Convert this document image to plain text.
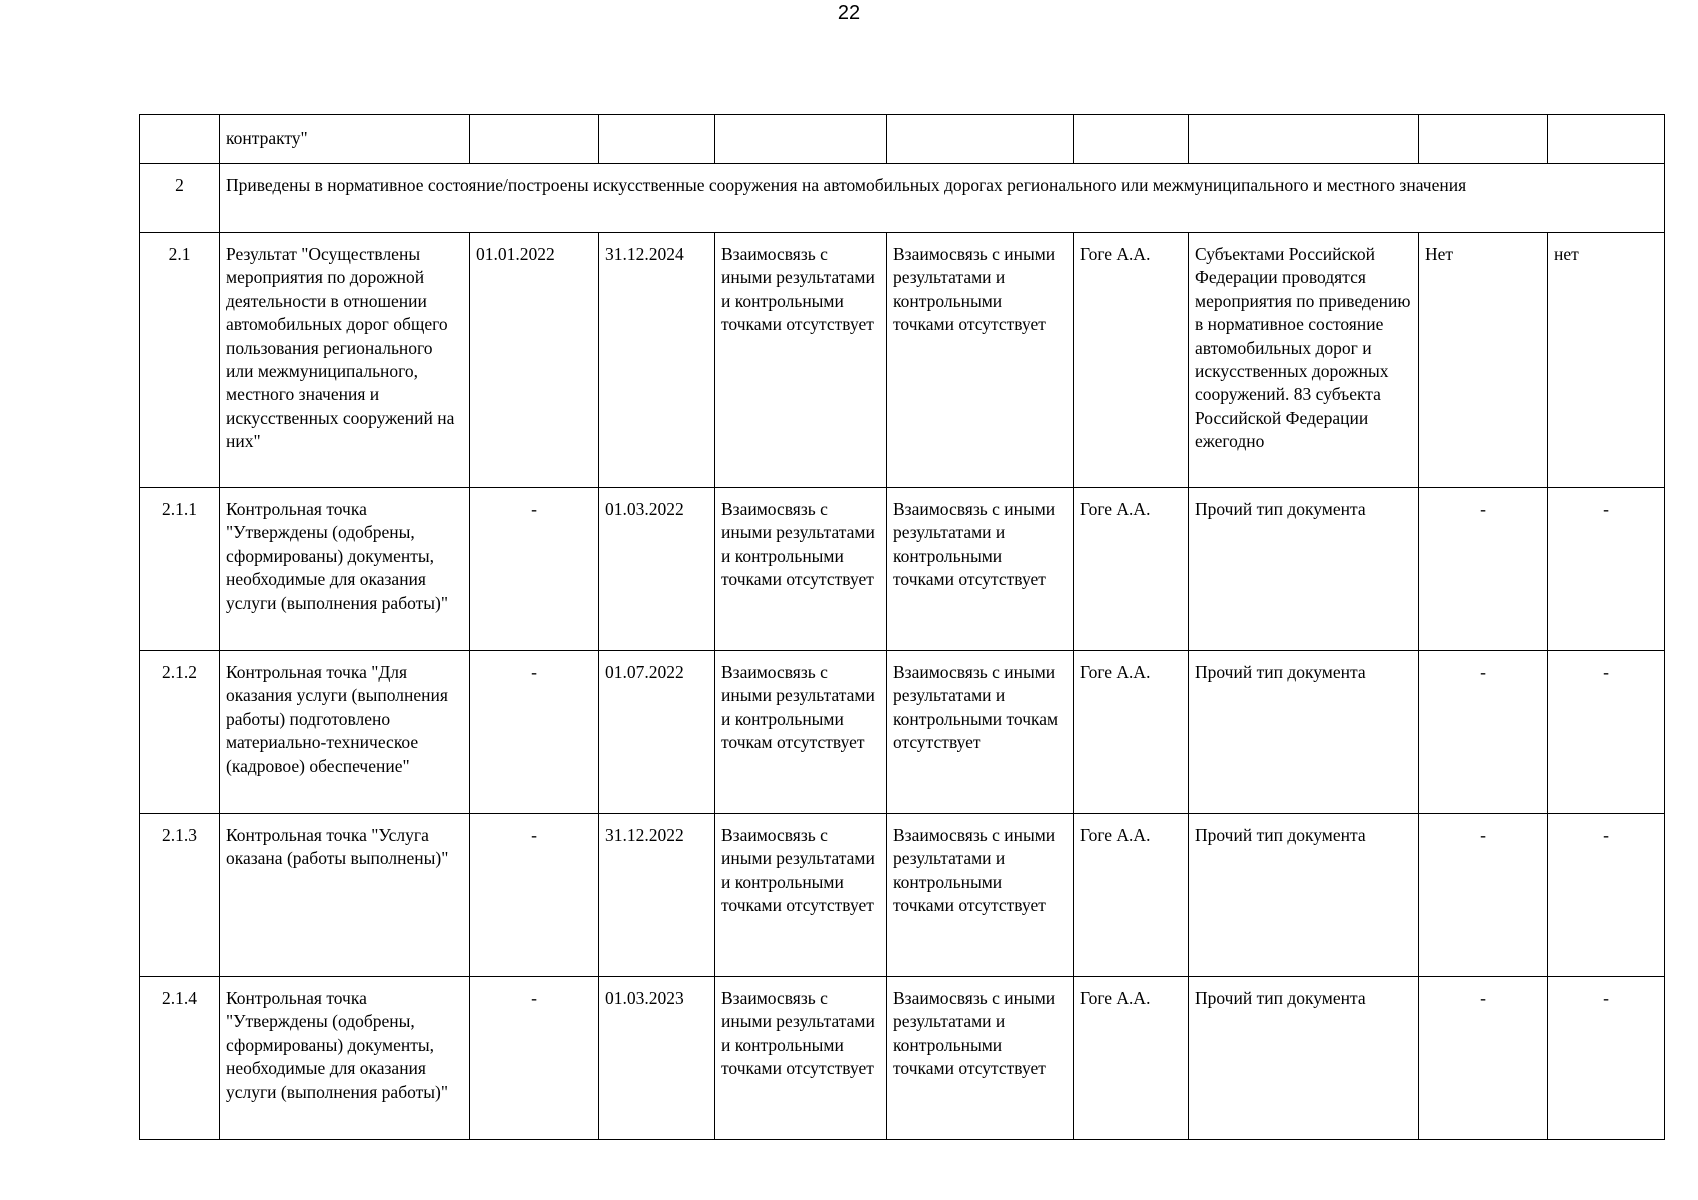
22
	контракту"								
2	Приведены в нормативное состояние/построены искусственные сооружения на автомобильных дорогах регионального или межмуниципального и местного значения								
2.1	Результат "Осуществлены мероприятия по дорожной деятельности в отношении автомобильных дорог общего пользования регионального или межмуниципального, местного значения и искусственных сооружений на них"	01.01.2022	31.12.2024	Взаимосвязь с иными результатами и контрольными точками отсутствует	Взаимосвязь с иными результатами и контрольными точками отсутствует	Гоге А.А.	Субъектами Российской Федерации проводятся мероприятия по приведению в нормативное состояние автомобильных дорог и искусственных дорожных сооружений. 83 субъекта Российской Федерации ежегодно	Нет	нет
2.1.1	Контрольная точка "Утверждены (одобрены, сформированы) документы, необходимые для оказания услуги (выполнения работы)"	-	01.03.2022	Взаимосвязь с иными результатами и контрольными точками отсутствует	Взаимосвязь с иными результатами и контрольными точками отсутствует	Гоге А.А.	Прочий тип документа	-	-
2.1.2	Контрольная точка "Для оказания услуги (выполнения работы) подготовлено материально-техническое (кадровое) обеспечение"	-	01.07.2022	Взаимосвязь с иными результатами и контрольными точкам отсутствует	Взаимосвязь с иными результатами и контрольными точкам отсутствует	Гоге А.А.	Прочий тип документа	-	-
2.1.3	Контрольная точка "Услуга оказана (работы выполнены)"	-	31.12.2022	Взаимосвязь с иными результатами и контрольными точками отсутствует	Взаимосвязь с иными результатами и контрольными точками отсутствует	Гоге А.А.	Прочий тип документа	-	-
2.1.4	Контрольная точка "Утверждены (одобрены, сформированы) документы, необходимые для оказания услуги (выполнения работы)"	-	01.03.2023	Взаимосвязь с иными результатами и контрольными точками отсутствует	Взаимосвязь с иными результатами и контрольными точками отсутствует	Гоге А.А.	Прочий тип документа	-	-
